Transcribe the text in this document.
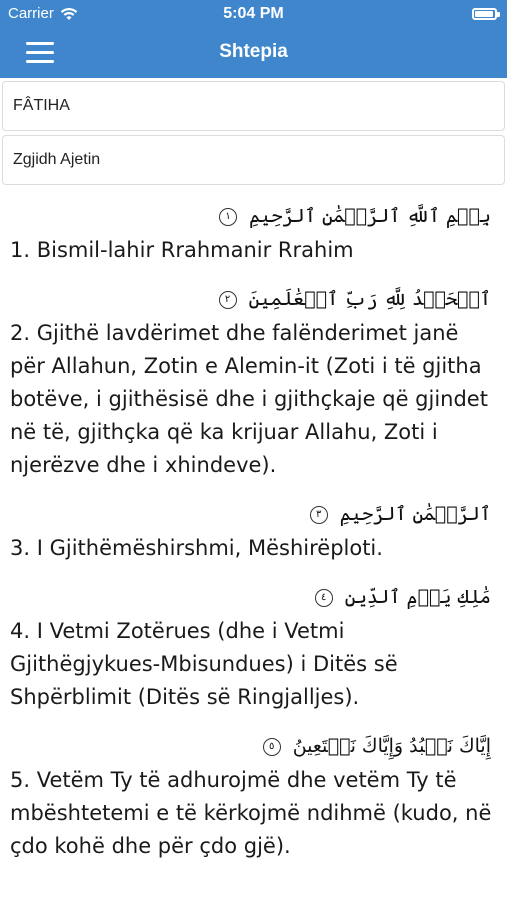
Carrier	5:04 PM
Shtepia
FÂTIHA
Zgjidh Ajetin
بِسۡمِ ٱللَّهِ ٱلرَّحۡمَٰنِ ٱلرَّحِيمِ ١
1. Bismil-lahir Rrahmanir Rrahim
ٱلۡحَمۡدُ لِلَّهِ رَبِّ ٱلۡعَٰلَمِينَ ٢
2. Gjithë lavdërimet dhe falënderimet janë për Allahun, Zotin e Alemin-it (Zoti i të gjitha botëve, i gjithësisë dhe i gjithçkaje që gjindet në të, gjithçka që ka krijuar Allahu, Zoti i njerëzve dhe i xhindeve).
ٱلرَّحۡمَٰنِ ٱلرَّحِيمِ ٣
3. I Gjithëmëshirshmi, Mëshirëploti.
مَٰلِكِ يَوۡمِ ٱلدِّينِ ٤
4. I Vetmi Zotërues (dhe i Vetmi Gjithëgjykues-Mbisundues) i Ditës së Shpërblimit (Ditës së Ringjalljes).
إِيَّاكَ نَعۡبُدُ وَإِيَّاكَ نَسۡتَعِينُ ٥
5. Vetëm Ty të adhurojmë dhe vetëm Ty të mbështetemi e të kërkojmë ndihmë (kudo, në çdo kohë dhe për çdo gjë).
